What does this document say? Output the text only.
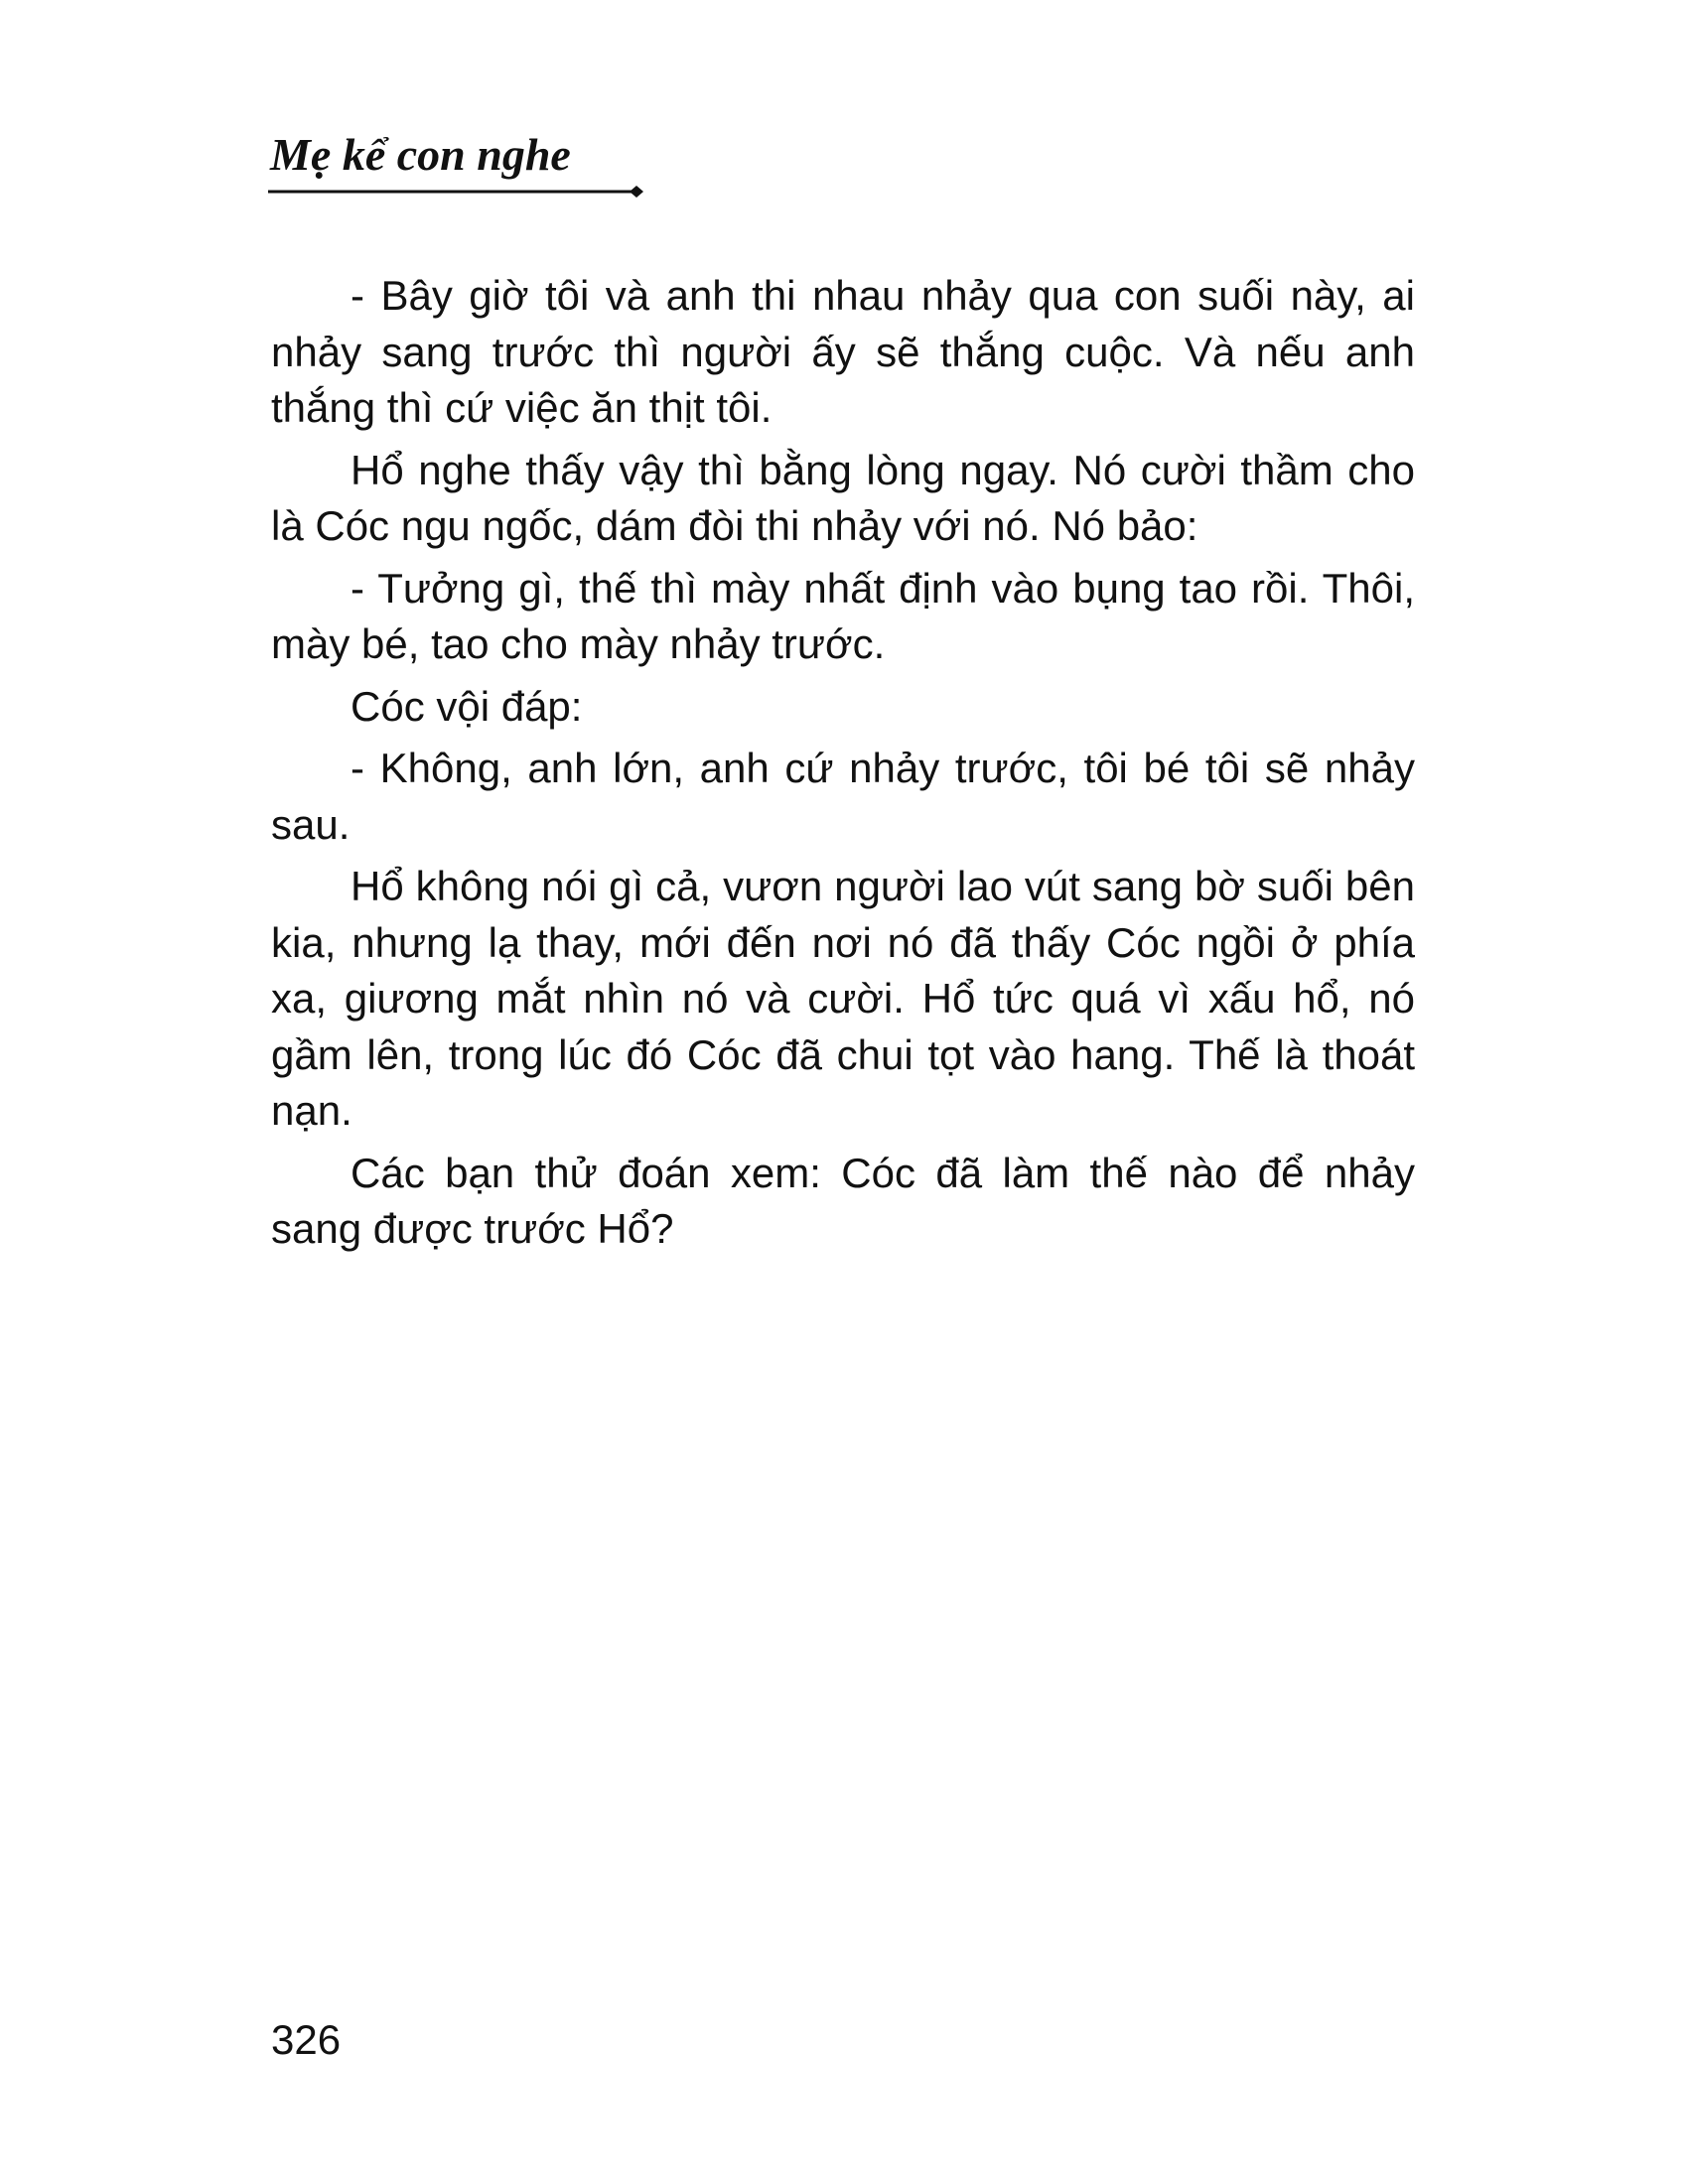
Mẹ kể con nghe

- Bây giờ tôi và anh thi nhau nhảy qua con suối này, ai nhảy sang trước thì người ấy sẽ thắng cuộc. Và nếu anh thắng thì cứ việc ăn thịt tôi.

Hổ nghe thấy vậy thì bằng lòng ngay. Nó cười thầm cho là Cóc ngu ngốc, dám đòi thi nhảy với nó. Nó bảo:

- Tưởng gì, thế thì mày nhất định vào bụng tao rồi. Thôi, mày bé, tao cho mày nhảy trước.

Cóc vội đáp:

- Không, anh lớn, anh cứ nhảy trước, tôi bé tôi sẽ nhảy sau.

Hổ không nói gì cả, vươn người lao vút sang bờ suối bên kia, nhưng lạ thay, mới đến nơi nó đã thấy Cóc ngồi ở phía xa, giương mắt nhìn nó và cười. Hổ tức quá vì xấu hổ, nó gầm lên, trong lúc đó Cóc đã chui tọt vào hang. Thế là thoát nạn.

Các bạn thử đoán xem: Cóc đã làm thế nào để nhảy sang được trước Hổ?

326
